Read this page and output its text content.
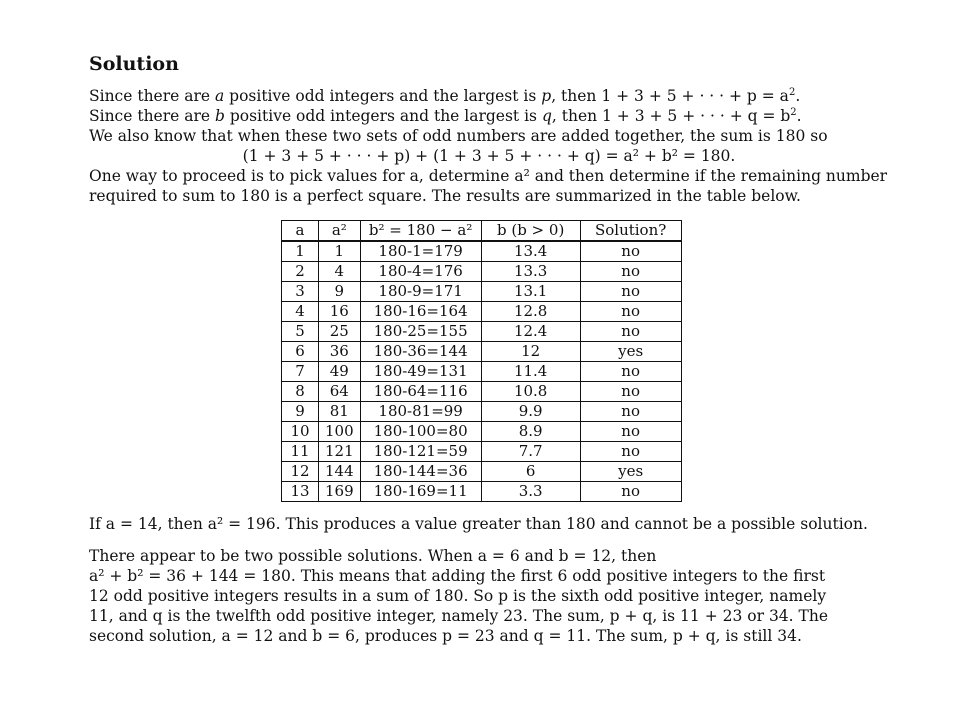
Solution
Since there are a positive odd integers and the largest is p, then 1 + 3 + 5 + · · · + $p = a^2$.
Since there are b positive odd integers and the largest is q, then 1 + 3 + 5 + · · · + $q = b^2$.
We also know that when these two sets of odd numbers are added together, the sum is 180 so
(1 + 3 + 5 + · · · + p) + (1 + 3 + 5 + · · · + q) = a² + b² = 180.

One way to proceed is to pick values for a, determine a² and then determine if the remaining number required to sum to 180 is a perfect square. The results are summarized in the table below.

a	a²	b² = 180 − a²	b (b > 0)	Solution?
1	1	180-1=179	13.4	no
2	4	180-4=176	13.3	no
3	9	180-9=171	13.1	no
4	16	180-16=164	12.8	no
5	25	180-25=155	12.4	no
6	36	180-36=144	12	yes
7	49	180-49=131	11.4	no
8	64	180-64=116	10.8	no
9	81	180-81=99	9.9	no
10	100	180-100=80	8.9	no
11	121	180-121=59	7.7	no
12	144	180-144=36	6	yes
13	169	180-169=11	3.3	no

If a = 14, then a² = 196. This produces a value greater than 180 and cannot be a possible solution.

There appear to be two possible solutions. When a = 6 and b = 12, then
a² + b² = 36 + 144 = 180. This means that adding the first 6 odd positive integers to the first
12 odd positive integers results in a sum of 180. So p is the sixth odd positive integer, namely
11, and q is the twelfth odd positive integer, namely 23. The sum, p + q, is 11 + 23 or 34. The
second solution, a = 12 and b = 6, produces p = 23 and q = 11. The sum, p + q, is still 34.
